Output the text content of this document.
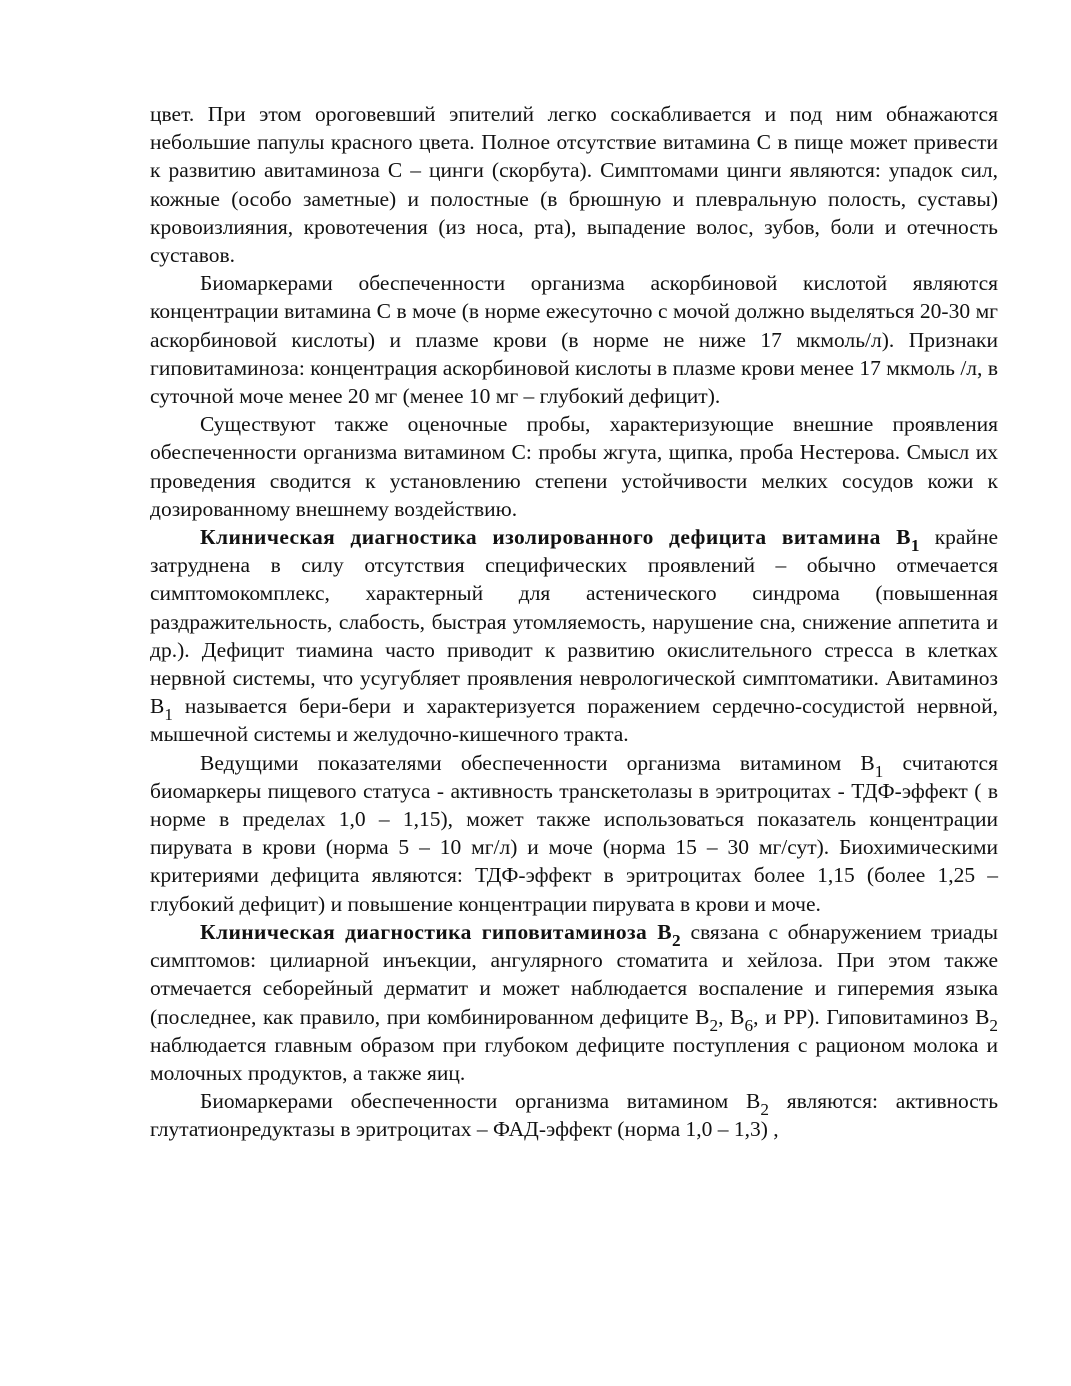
цвет. При этом ороговевший эпителий легко соскабливается и под ним обнажаются небольшие папулы красного цвета. Полное отсутствие витамина С в пище может привести к развитию авитаминоза С – цинги (скорбута). Симптомами цинги являются: упадок сил, кожные (особо заметные) и полостные (в брюшную и плевральную полость, суставы) кровоизлияния, кровотечения (из носа, рта), выпадение волос, зубов, боли и отечность суставов.

Биомаркерами обеспеченности организма аскорбиновой кислотой являются концентрации витамина С в моче (в норме ежесуточно с мочой должно выделяться 20-30 мг аскорбиновой кислоты) и плазме крови (в норме не ниже 17 мкмоль/л). Признаки гиповитаминоза: концентрация аскорбиновой кислоты в плазме крови менее 17 мкмоль /л, в суточной моче менее 20 мг (менее 10 мг – глубокий дефицит).

Существуют также оценочные пробы, характеризующие внешние проявления обеспеченности организма витамином С: пробы жгута, щипка, проба Нестерова. Смысл их проведения сводится к установлению степени устойчивости мелких сосудов кожи к дозированному внешнему воздействию.

Клиническая диагностика изолированного дефицита витамина $В_1$ крайне затруднена в силу отсутствия специфических проявлений – обычно отмечается симптомокомплекс, характерный для астенического синдрома (повышенная раздражительность, слабость, быстрая утомляемость, нарушение сна, снижение аппетита и др.). Дефицит тиамина часто приводит к развитию окислительного стресса в клетках нервной системы, что усугубляет проявления неврологической симптоматики. Авитаминоз $В_1$ называется бери-бери и характеризуется поражением сердечно-сосудистой нервной, мышечной системы и желудочно-кишечного тракта.

Ведущими показателями обеспеченности организма витамином $В_1$ считаются биомаркеры пищевого статуса - активность транскетолазы в эритроцитах - ТДФ-эффект ( в норме в пределах 1,0 – 1,15), может также использоваться показатель концентрации пирувата в крови (норма 5 – 10 мг/л) и моче (норма 15 – 30 мг/сут). Биохимическими критериями дефицита являются: ТДФ-эффект в эритроцитах более 1,15 (более 1,25 – глубокий дефицит) и повышение концентрации пирувата в крови и моче.

Клиническая диагностика гиповитаминоза $В_2$ связана с обнаружением триады симптомов: цилиарной инъекции, ангулярного стоматита и хейлоза. При этом также отмечается себорейный дерматит и может наблюдается воспаление и гиперемия языка (последнее, как правило, при комбинированном дефиците $В_2$, $В_6$, и РР). Гиповитаминоз $В_2$ наблюдается главным образом при глубоком дефиците поступления с рационом молока и молочных продуктов, а также яиц.

Биомаркерами обеспеченности организма витамином $В_2$ являются: активность глутатионредуктазы в эритроцитах – ФАД-эффект (норма 1,0 – 1,3) ,
